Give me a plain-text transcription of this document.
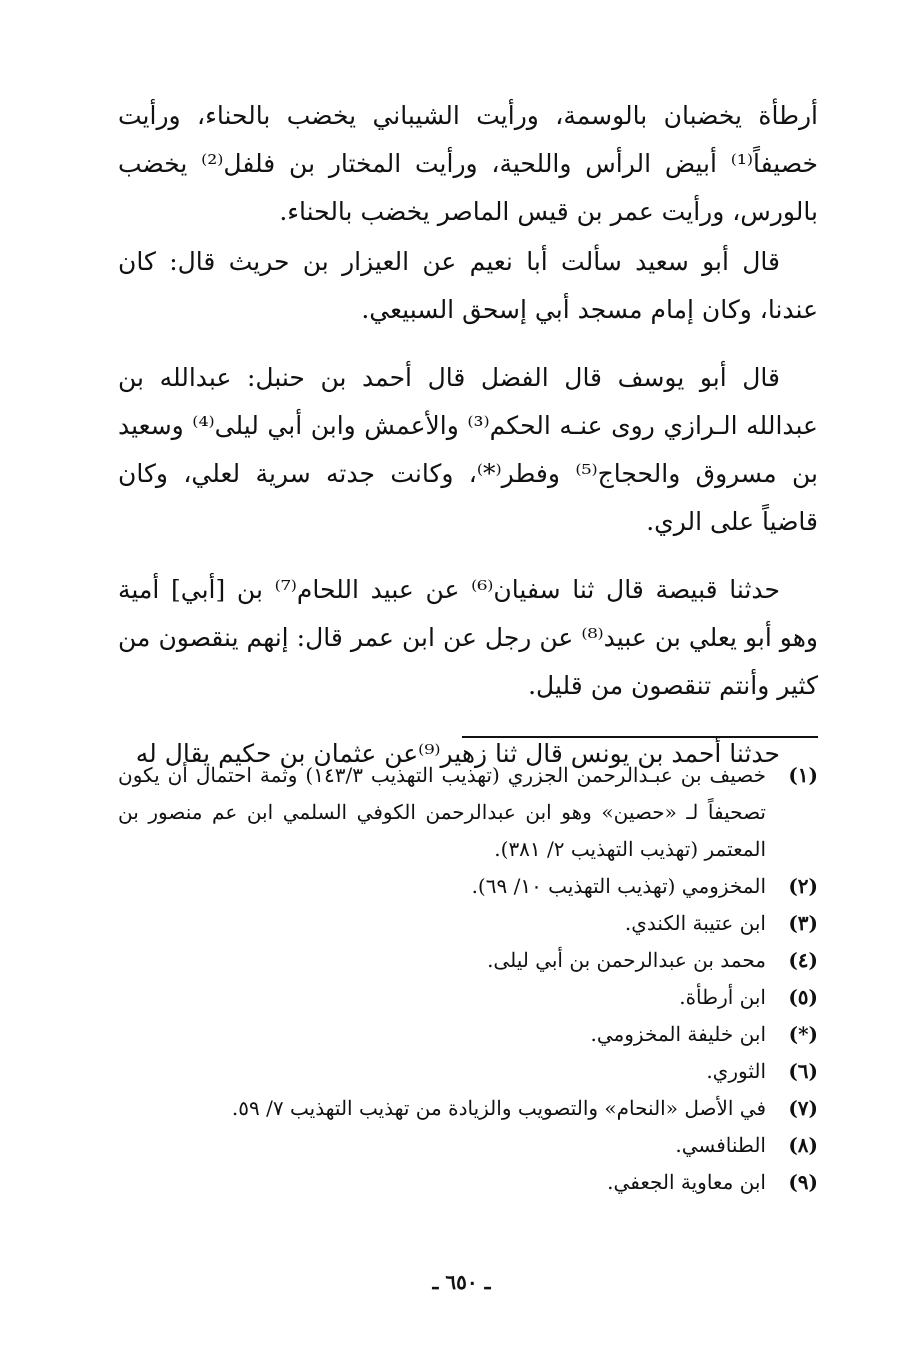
أرطأة يخضبان بالوسمة، ورأيت الشيباني يخضب بالحناء، ورأيت خصيفاً⁽¹⁾ أبيض الرأس واللحية، ورأيت المختار بن فلفل⁽²⁾ يخضب بالورس، ورأيت عمر بن قيس الماصر يخضب بالحناء.

قال أبو سعيد سألت أبا نعيم عن العيزار بن حريث قال: كان عندنا، وكان إمام مسجد أبي إسحق السبيعي.

قال أبو يوسف قال الفضل قال أحمد بن حنبل: عبدالله بن عبدالله الـرازي روى عنـه الحكم⁽³⁾ والأعمش وابن أبي ليلى⁽⁴⁾ وسعيد بن مسروق والحجاج⁽⁵⁾ وفطر⁽*⁾، وكانت جدته سرية لعلي، وكان قاضياً على الري.

حدثنا قبيصة قال ثنا سفيان⁽⁶⁾ عن عبيد اللحام⁽⁷⁾ بن [أبي] أمية وهو أبو يعلي بن عبيد⁽⁸⁾ عن رجل عن ابن عمر قال: إنهم ينقصون من كثير وأنتم تنقصون من قليل.

حدثنا أحمد بن يونس قال ثنا زهير⁽⁹⁾عن عثمان بن حكيم يقال له

(١)
خصيف بن عبـدالرحمن الجزري (تهذيب التهذيب ١٤٣/٣) وثمة احتمال أن يكون تصحيفاً لـ «حصين» وهو ابن عبدالرحمن الكوفي السلمي ابن عم منصور بن المعتمر (تهذيب التهذيب ٢/ ٣٨١).
(٢)
المخزومي (تهذيب التهذيب ١٠/ ٦٩).
(٣)
ابن عتيبة الكندي.
(٤)
محمد بن عبدالرحمن بن أبي ليلى.
(٥)
ابن أرطأة.
(*)
ابن خليفة المخزومي.
(٦)
الثوري.
(٧)
في الأصل «النحام» والتصويب والزيادة من تهذيب التهذيب ٧/ ٥٩.
(٨)
الطنافسي.
(٩)
ابن معاوية الجعفي.
ـ ٦٥٠ ـ
